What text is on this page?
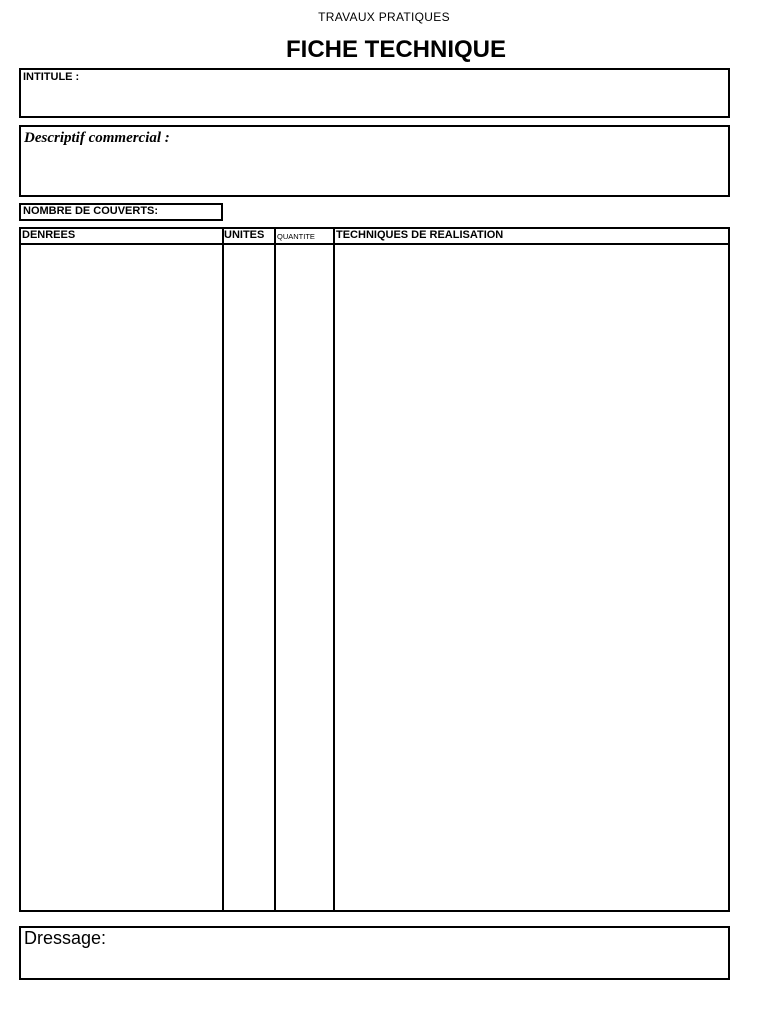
TRAVAUX PRATIQUES
FICHE TECHNIQUE
INTITULE :
Descriptif commercial :
NOMBRE DE COUVERTS:
DENREES	UNITES QUANTITE TECHNIQUES DE REALISATION
Dressage:
